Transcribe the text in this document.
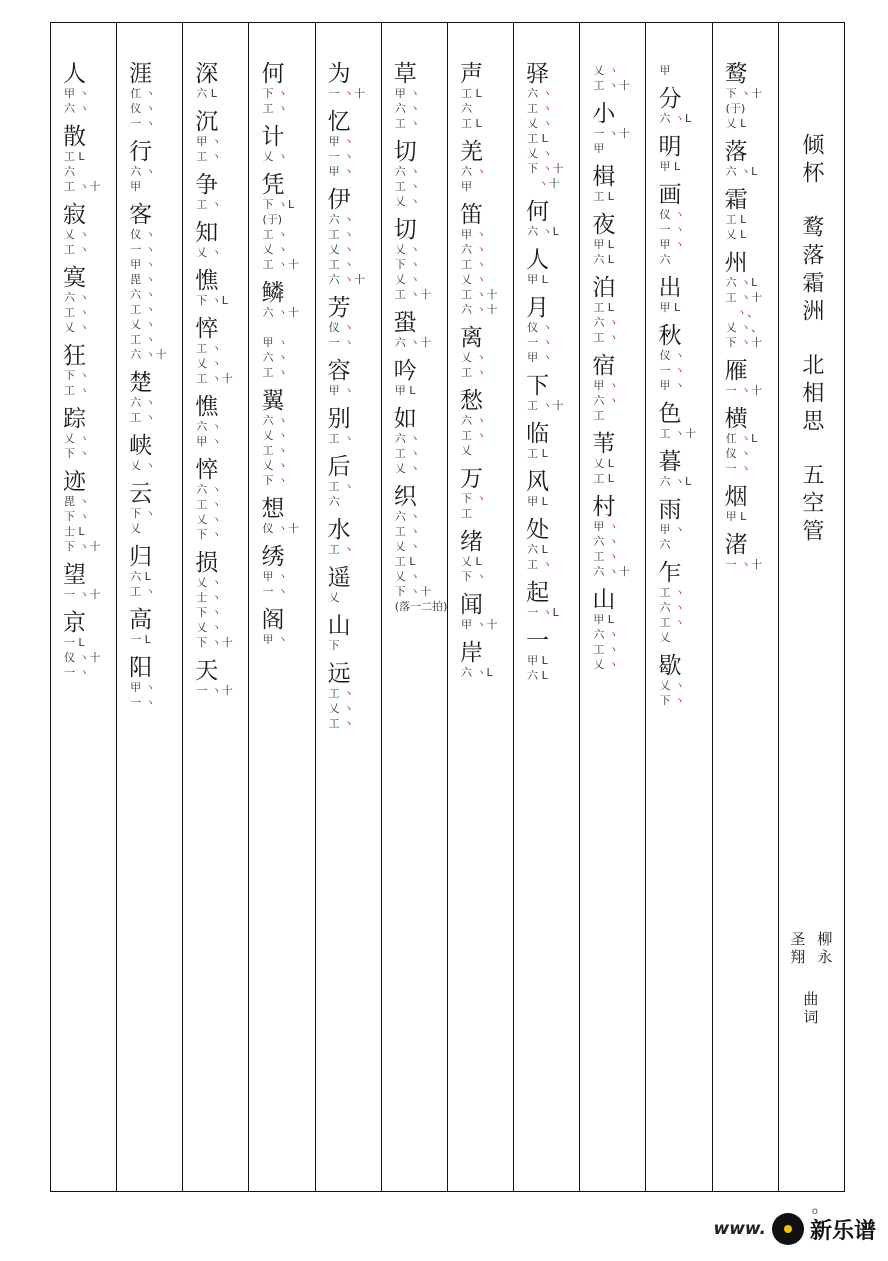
倾杯
鹜落霜洲
北相思
五空管
柳永
圣翔
曲词
鹜
下 ヽ十

(于)
乂 L
落
六 ヽL
霜
工 L
乂 L
州
六 ヽL
工 ヽ十
ヽ、
乂 ヽ、
下 ヽ十
雁
一 ヽ十
横
仜 ヽL
仪 ヽ
一 ヽ
烟
甲 L
渚
一 ヽ十
甲
分
六 ヽL
明
甲 L
画
仪 ヽ
一 ヽ
甲 ヽ
六
出
甲 L
秋
仪 ヽ
一 ヽ
甲 ヽ
色
工 ヽ十
暮
六 ヽL
雨
甲 ヽ
六
乍
工 ヽ
六 ヽ
工 ヽ
乂
歇
乂 ヽ
下 ヽ
乂 ヽ
工 ヽ十
小
一 ヽ十
甲
楫
工 L
夜
甲 L
六 L
泊
工 L
六 ヽ
工 ヽ
宿
甲 ヽ
六 ヽ
工
苇
乂 L
工 L
村
甲 ヽ
六 ヽ
工 ヽ
六 ヽ十
山
甲 L
六 ヽ
工 ヽ
乂 ヽ
驿
六 ヽ
工 ヽ
乂 ヽ
工 L
乂 ヽ
下 ヽ十
ヽ十
何
六 ヽL
人
甲 L
月
仪 ヽ
一 ヽ
甲 ヽ
下
工 ヽ十
临
工 L
风
甲 L
处
六 L
工 ヽ
起
一 ヽL
一
甲 L
六 L
声
工 L
六
工 L
羌
六 ヽ
甲
笛
甲 ヽ
六 ヽ
工 ヽ
乂 ヽ
工 ヽ十
六 ヽ十
离
乂 ヽ
工 ヽ
愁
六 ヽ
工 ヽ
乂
万
下 ヽ
工
绪
乂 L
下 ヽ
闻
甲 ヽ十
岸
六 ヽL
草
甲 ヽ
六 ヽ
工 ヽ
切
六 ヽ
工 ヽ
乂 ヽ
切
乂 ヽ
下 ヽ
乂 ヽ
工 ヽ十
蛩
六 ヽ十
吟
甲 L
如
六 ヽ
工 ヽ
乂 ヽ
织
六 ヽ
工 ヽ
乂 ヽ
工 L
乂 ヽ
下 ヽ十
(落一二拍)
为
一 ヽ十
忆
甲 ヽ
一 ヽ
甲 ヽ
伊
六 ヽ
工 ヽ
乂 ヽ
工 ヽ
六 ヽ十
芳
仪 ヽ
一 ヽ
容
甲 ヽ
别
工 ヽ
后
工 ヽ
六
水
工 ヽ
遥
乂
山
下
远
工 ヽ
乂 ヽ
工 ヽ
何
下 ヽ
工 ヽ
计
乂 ヽ
凭
下 ヽL
(于)
工 ヽ
乂 ヽ
工 ヽ十
鳞
六 ヽ十

甲 ヽ
六 ヽ
工 ヽ
翼
六 ヽ
乂 ヽ
工 ヽ
乂 ヽ
下 ヽ
想
仪 ヽ十
绣
甲 ヽ
一 ヽ
阁
甲 ヽ
深
六 L
沉
甲 ヽ
工 ヽ
争
工 ヽ
知
乂 ヽ
憔
下 ヽL
悴
工 ヽ
乂 ヽ
工 ヽ十
憔
六 ヽ
甲 ヽ
悴
六 ヽ
工 ヽ
乂 ヽ
下 ヽ
损
乂 ヽ
士 ヽ
下 ヽ
乂 ヽ
下 ヽ十
天
一 ヽ十
涯
仜 ヽ
仪 ヽ
一 ヽ
行
六 ヽ
甲
客
仪 ヽ
一 ヽ
甲 ヽ
毘 ヽ
六 ヽ
工 ヽ
乂 ヽ
工 ヽ
六 ヽ十
楚
六 ヽ
工 ヽ
峡
乂 ヽ
云
下 ヽ
乂
归
六 L
工 ヽ
高
一 L
阳
甲 ヽ
一 ヽ
人
甲 ヽ
六 ヽ
散
工 L
六
工 ヽ十
寂
乂 ヽ
工 ヽ
寞
六 ヽ
工 ヽ
乂 ヽ
狂
下 ヽ
工 ヽ
踪
乂 ヽ
下 ヽ
迹
毘 ヽ
下 ヽ
士 L
下 ヽ十
望
一 ヽ十
京
一 L
仪 ヽ十
一 ヽ
o
www. 新乐谱
